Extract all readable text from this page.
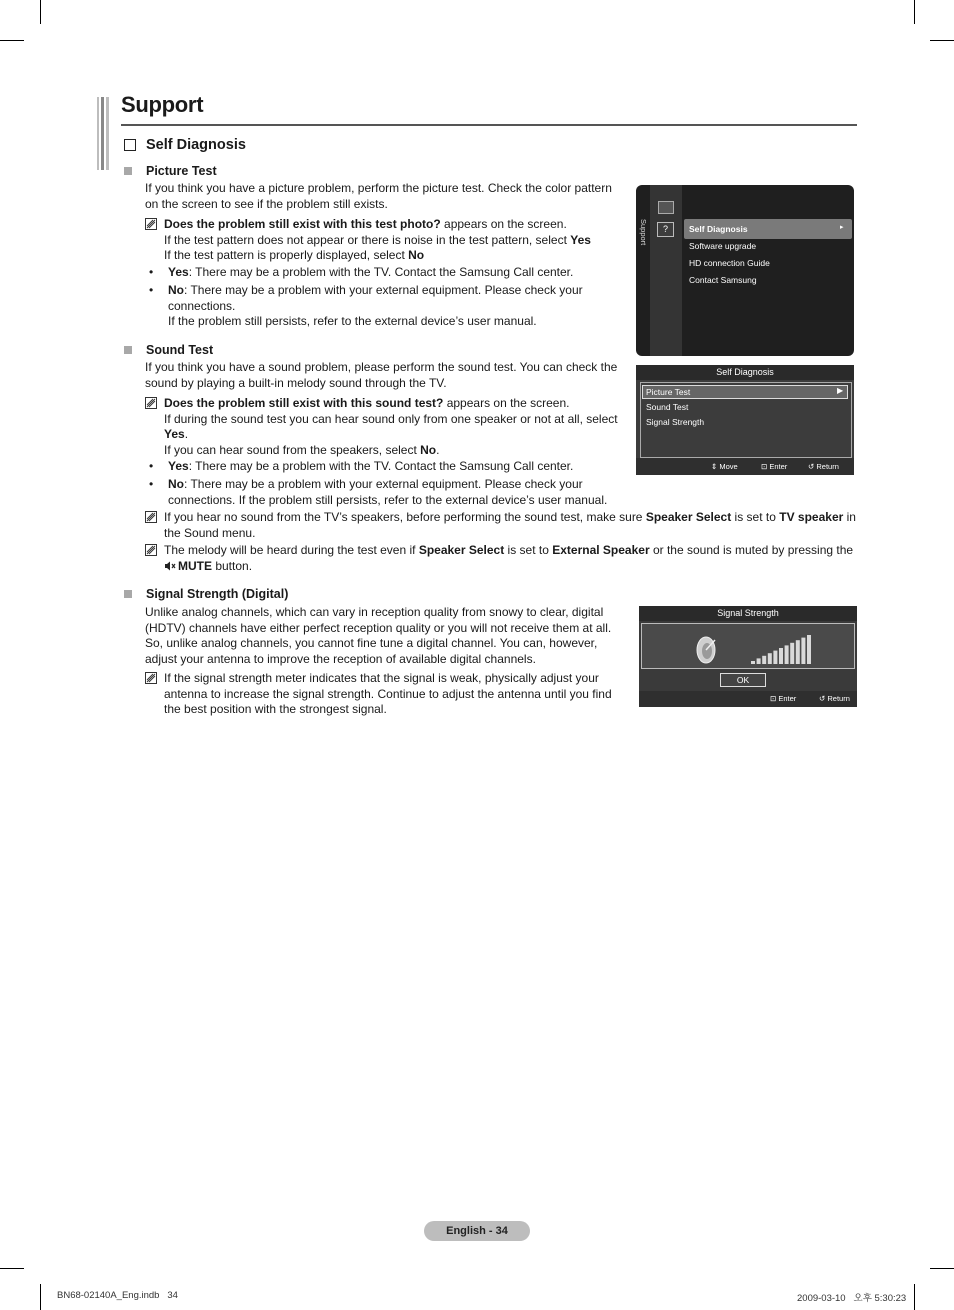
Support
Self Diagnosis
Picture Test
If you think you have a picture problem, perform the picture test. Check the color pattern on the screen to see if the problem still exists.
Does the problem still exist with this test photo? appears on the screen.
If the test pattern does not appear or there is noise in the test pattern, select Yes
If the test pattern is properly displayed, select No
•	Yes: There may be a problem with the TV. Contact the Samsung Call center.
•	No: There may be a problem with your external equipment. Please check your connections.
If the problem still persists, refer to the external device’s user manual.
Support	?	Self Diagnosis	▸
Software upgrade
HD connection Guide
Contact Samsung
Sound Test
If you think you have a sound problem, please perform the sound test. You can check the sound by playing a built-in melody sound through the TV.
Does the problem still exist with this sound test? appears on the screen.
If during the sound test you can hear sound only from one speaker or not at all, select Yes.
If you can hear sound from the speakers, select No.
•	Yes: There may be a problem with the TV. Contact the Samsung Call center.
•	No: There may be a problem with your external equipment. Please check your connections. If the problem still persists, refer to the external device’s user manual.
If you hear no sound from the TV’s speakers, before performing the sound test, make sure Speaker Select is set to TV speaker in the Sound menu.
The melody will be heard during the test even if Speaker Select is set to External Speaker or the sound is muted by pressing the MUTE button.
Self Diagnosis
Picture Test	▶
Sound Test
Signal Strength
⇕ Move	⊡ Enter	↺ Return
Signal Strength (Digital)
Unlike analog channels, which can vary in reception quality from snowy to clear, digital (HDTV) channels have either perfect reception quality or you will not receive them at all. So, unlike analog channels, you cannot fine tune a digital channel. You can, however, adjust your antenna to improve the reception of available digital channels.
If the signal strength meter indicates that the signal is weak, physically adjust your antenna to increase the signal strength. Continue to adjust the antenna until you find the best position with the strongest signal.
Signal Strength
OK
⊡ Enter	↺ Return
English - 34
BN68-02140A_Eng.indb 34	2009-03-10   오후 5:30:23
